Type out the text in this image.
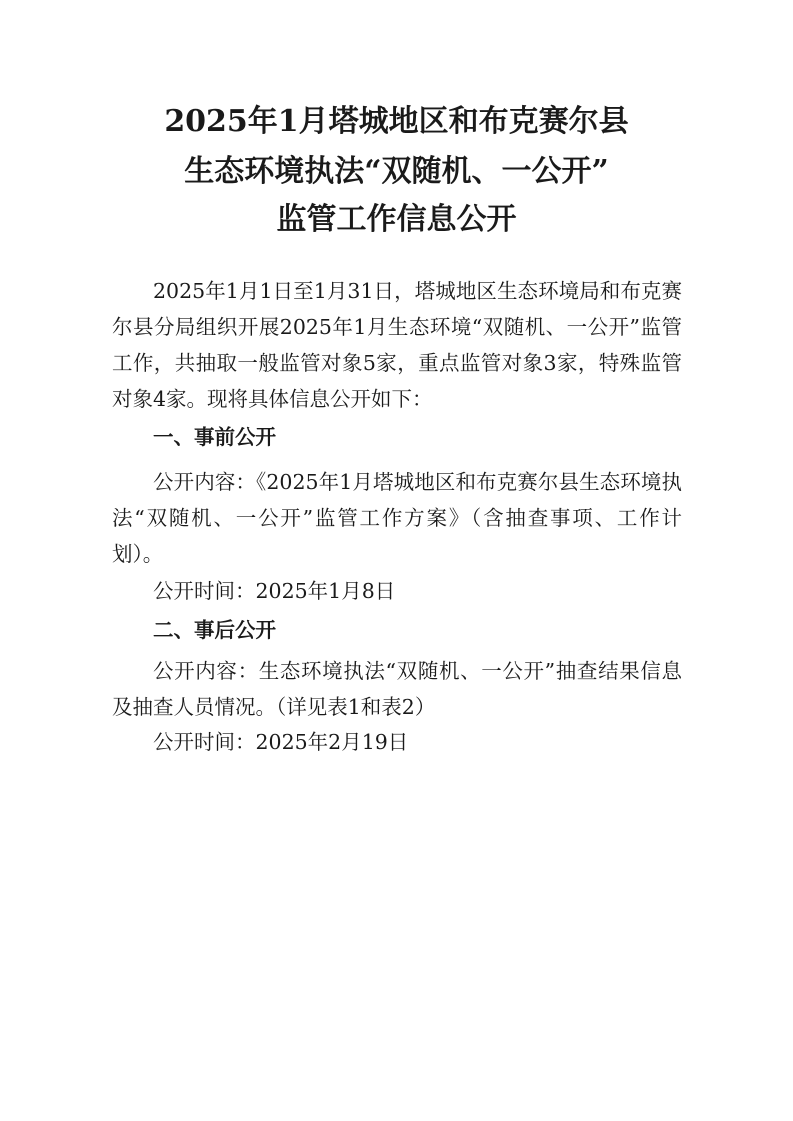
2025年1月塔城地区和布克赛尔县
生态环境执法“双随机、一公开”
监管工作信息公开

2025年1月1日至1月31日，塔城地区生态环境局和布克赛尔县分局组织开展2025年1月生态环境“双随机、一公开”监管工作，共抽取一般监管对象5家，重点监管对象3家，特殊监管对象4家。现将具体信息公开如下：

一、事前公开

公开内容：《2025年1月塔城地区和布克赛尔县生态环境执法“双随机、一公开”监管工作方案》（含抽查事项、工作计划）。

公开时间：2025年1月8日

二、事后公开

公开内容：生态环境执法“双随机、一公开”抽查结果信息及抽查人员情况。（详见表1和表2）

公开时间：2025年2月19日
